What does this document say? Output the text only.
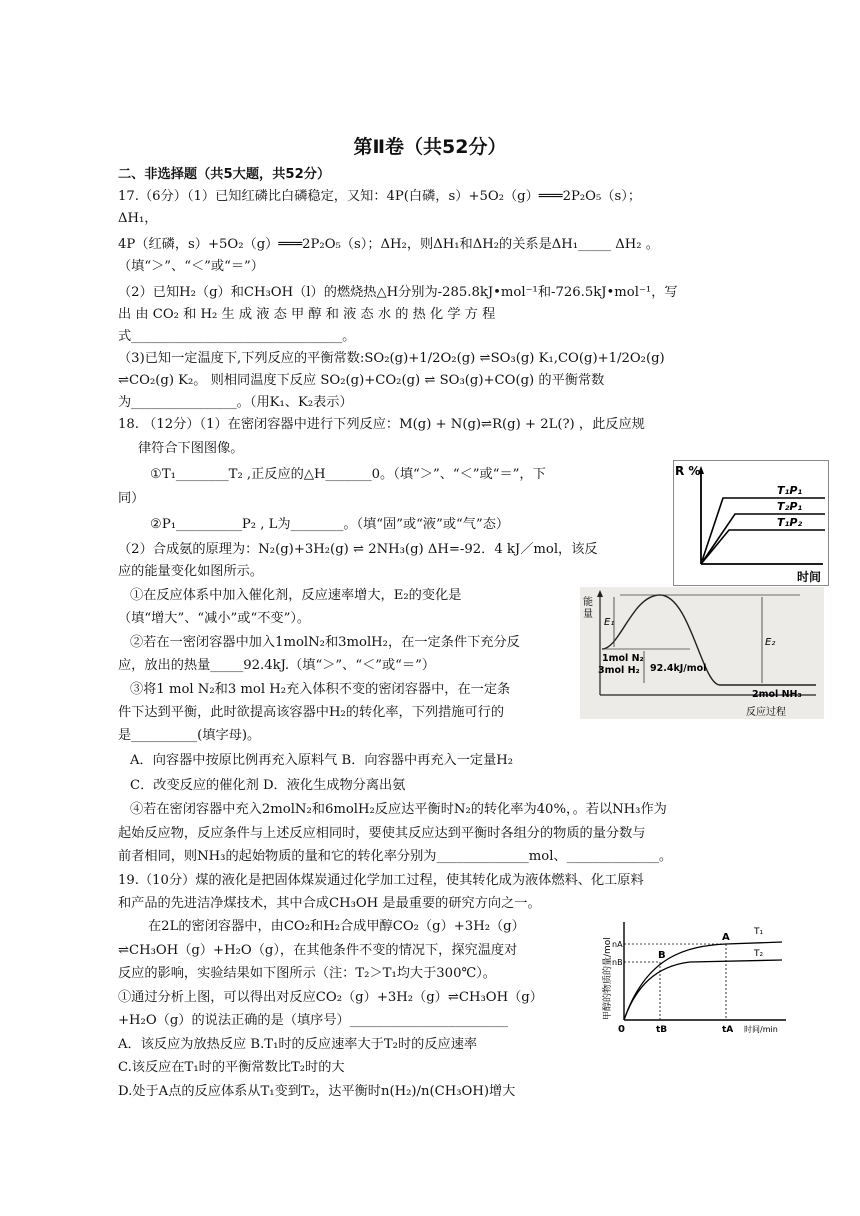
第Ⅱ卷（共52分）
二、非选择题（共5大题，共52分）
17.（6分）（1）已知红磷比白磷稳定，又知：4P(白磷，s）+5O₂（g）═══2P₂O₅（s）；
ΔH₁，
4P（红磷，s）+5O₂（g）═══2P₂O₅（s）；ΔH₂，则ΔH₁和ΔH₂的关系是ΔH₁_____ ΔH₂ 。
（填“＞”、“＜”或“＝”）
（2）已知H₂（g）和CH₃OH（l）的燃烧热△H分别为-285.8kJ•mol⁻¹和-726.5kJ•mol⁻¹，写
出 由 CO₂ 和 H₂ 生 成 液 态 甲 醇 和 液 态 水 的 热 化 学 方 程
式________________________________。
（3)已知一定温度下,下列反应的平衡常数:SO₂(g)+1/2O₂(g) ⇌SO₃(g) K₁,CO(g)+1/2O₂(g)
⇌CO₂(g) K₂。 则相同温度下反应 SO₂(g)+CO₂(g) ⇌ SO₃(g)+CO(g) 的平衡常数
为________________。（用K₁、K₂表示）
18. （12分）（1）在密闭容器中进行下列反应：M(g) + N(g)⇌R(g) + 2L(?) ，此反应规
律符合下图图像。
①T₁________T₂ ,正反应的△H_______0。（填“＞”、“＜”或“＝”，下
同）
②P₁__________P₂ , L为________。（填“固”或“液”或“气”态）
（2）合成氨的原理为：N₂(g)+3H₂(g) ⇌ 2NH₃(g) ΔH=-92．4 kJ／mol，该反
应的能量变化如图所示。
①在反应体系中加入催化剂，反应速率增大，E₂的变化是
（填“增大”、“减小”或“不变”）。
②若在一密闭容器中加入1molN₂和3molH₂，在一定条件下充分反
应，放出的热量_____92.4kJ.（填“＞”、“＜”或“＝”）
③将1 mol N₂和3 mol H₂充入体积不变的密闭容器中，在一定条
件下达到平衡，此时欲提高该容器中H₂的转化率，下列措施可行的
是__________(填字母)。
A．向容器中按原比例再充入原料气 B．向容器中再充入一定量H₂
C．改变反应的催化剂 D．液化生成物分离出氨
④若在密闭容器中充入2molN₂和6molH₂反应达平衡时N₂的转化率为40%，。若以NH₃作为
起始反应物，反应条件与上述反应相同时，要使其反应达到平衡时各组分的物质的量分数与
前者相同，则NH₃的起始物质的量和它的转化率分别为______________mol、______________。
19.（10分）煤的液化是把固体煤炭通过化学加工过程，使其转化成为液体燃料、化工原料
和产品的先进洁净煤技术，其中合成CH₃OH 是最重要的研究方向之一。
在2L的密闭容器中，由CO₂和H₂合成甲醇CO₂（g）+3H₂（g）
⇌CH₃OH（g）+H₂O（g），在其他条件不变的情况下，探究温度对
反应的影响，实验结果如下图所示（注：T₂＞T₁均大于300℃）。
①通过分析上图，可以得出对反应CO₂（g）+3H₂（g）⇌CH₃OH（g）
+H₂O（g）的说法正确的是（填序号）________________________
A．该反应为放热反应 B.T₁时的反应速率大于T₂时的反应速率
C.该反应在T₁时的平衡常数比T₂时的大
D.处于A点的反应体系从T₁变到T₂，达平衡时n(H₂)/n(CH₃OH)增大
R %
时间
T₁P₁
T₂P₁
T₁P₂
能
量
E₁
E₂
1mol N₂
3mol H₂ 92.4kJ/mol
2mol NH₃
反应过程
甲醇的物质的量/mol
0
nA
nB
A
B
T₁
T₂
tB	tA 时间/min
